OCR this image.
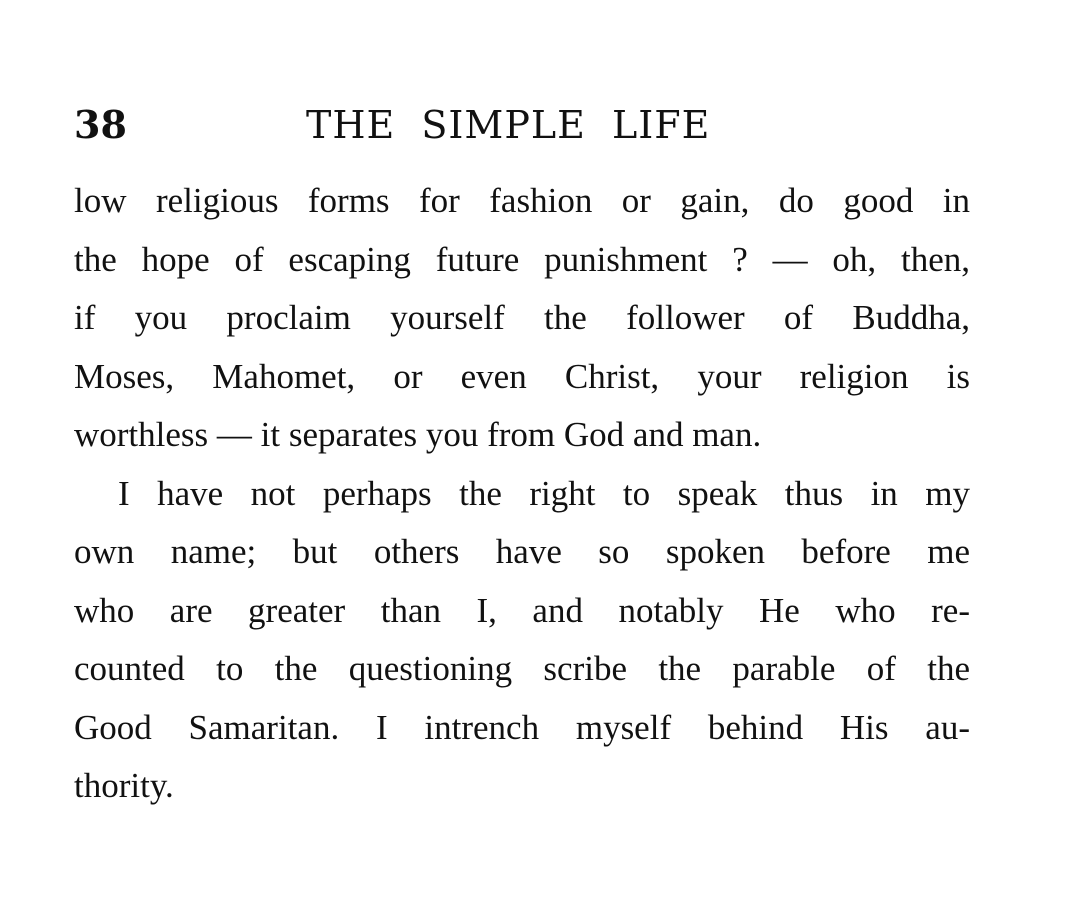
38	THE  SIMPLE  LIFE
low religious forms for fashion or gain, do good in
the hope of escaping future punishment ? — oh, then,
if you proclaim yourself the follower of Buddha,
Moses, Mahomet, or even Christ, your religion is
worthless — it separates you from God and man.
I have not perhaps the right to speak thus in my
own name; but others have so spoken before me
who are greater than I, and notably He who re-
counted to the questioning scribe the parable of the
Good Samaritan. I intrench myself behind His au-
thority.
